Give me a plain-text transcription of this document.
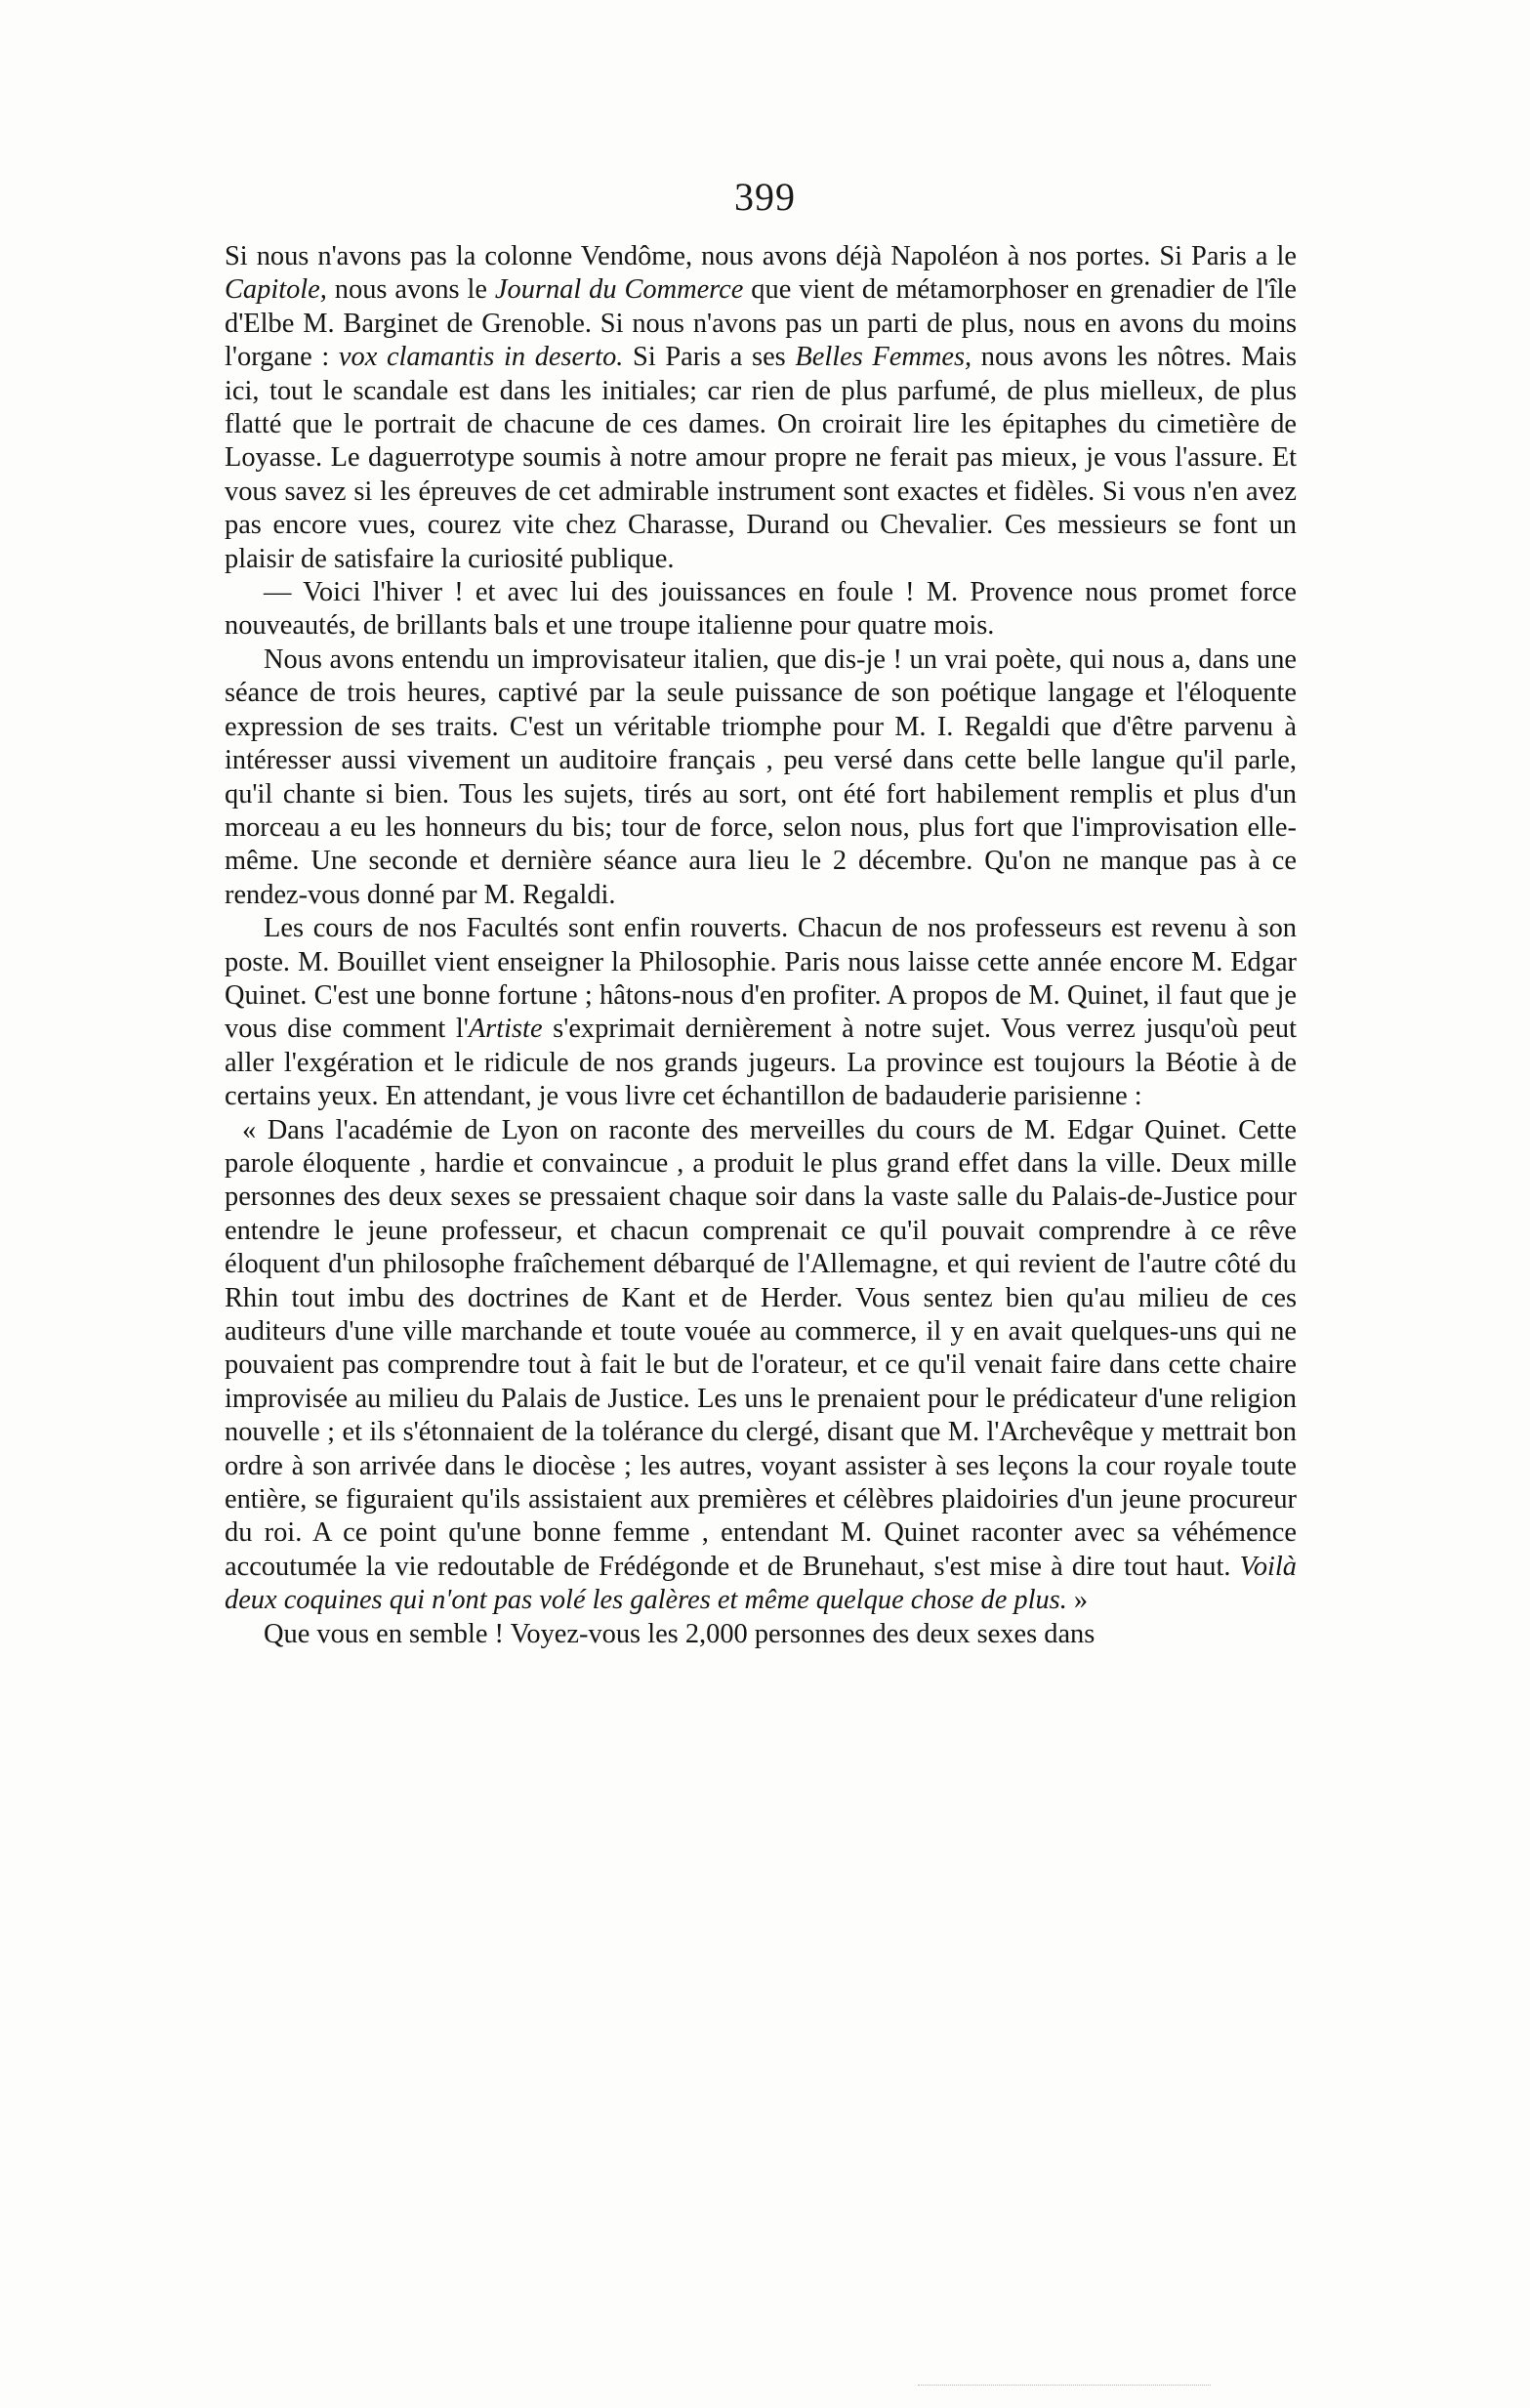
399

Si nous n'avons pas la colonne Vendôme, nous avons déjà Napoléon à nos portes. Si Paris a le Capitole, nous avons le Journal du Commerce que vient de métamorphoser en grenadier de l'île d'Elbe M. Barginet de Grenoble. Si nous n'avons pas un parti de plus, nous en avons du moins l'organe : vox clamantis in deserto. Si Paris a ses Belles Femmes, nous avons les nôtres. Mais ici, tout le scandale est dans les initiales; car rien de plus parfumé, de plus mielleux, de plus flatté que le portrait de chacune de ces dames. On croirait lire les épitaphes du cimetière de Loyasse. Le daguerrotype soumis à notre amour propre ne ferait pas mieux, je vous l'assure. Et vous savez si les épreuves de cet admirable instrument sont exactes et fidèles. Si vous n'en avez pas encore vues, courez vite chez Charasse, Durand ou Chevalier. Ces messieurs se font un plaisir de satisfaire la curiosité publique.

— Voici l'hiver ! et avec lui des jouissances en foule ! M. Provence nous promet force nouveautés, de brillants bals et une troupe italienne pour quatre mois.

Nous avons entendu un improvisateur italien, que dis-je ! un vrai poète, qui nous a, dans une séance de trois heures, captivé par la seule puissance de son poétique langage et l'éloquente expression de ses traits. C'est un véritable triomphe pour M. I. Regaldi que d'être parvenu à intéresser aussi vivement un auditoire français , peu versé dans cette belle langue qu'il parle, qu'il chante si bien. Tous les sujets, tirés au sort, ont été fort habilement remplis et plus d'un morceau a eu les honneurs du bis; tour de force, selon nous, plus fort que l'improvisation elle-même. Une seconde et dernière séance aura lieu le 2 décembre. Qu'on ne manque pas à ce rendez-vous donné par M. Regaldi.

Les cours de nos Facultés sont enfin rouverts. Chacun de nos professeurs est revenu à son poste. M. Bouillet vient enseigner la Philosophie. Paris nous laisse cette année encore M. Edgar Quinet. C'est une bonne fortune ; hâtons-nous d'en profiter. A propos de M. Quinet, il faut que je vous dise comment l'Artiste s'exprimait dernièrement à notre sujet. Vous verrez jusqu'où peut aller l'exgération et le ridicule de nos grands jugeurs. La province est toujours la Béotie à de certains yeux. En attendant, je vous livre cet échantillon de badauderie parisienne :

« Dans l'académie de Lyon on raconte des merveilles du cours de M. Edgar Quinet. Cette parole éloquente , hardie et convaincue , a produit le plus grand effet dans la ville. Deux mille personnes des deux sexes se pressaient chaque soir dans la vaste salle du Palais-de-Justice pour entendre le jeune professeur, et chacun comprenait ce qu'il pouvait comprendre à ce rêve éloquent d'un philosophe fraîchement débarqué de l'Allemagne, et qui revient de l'autre côté du Rhin tout imbu des doctrines de Kant et de Herder. Vous sentez bien qu'au milieu de ces auditeurs d'une ville marchande et toute vouée au commerce, il y en avait quelques-uns qui ne pouvaient pas comprendre tout à fait le but de l'orateur, et ce qu'il venait faire dans cette chaire improvisée au milieu du Palais de Justice. Les uns le prenaient pour le prédicateur d'une religion nouvelle ; et ils s'étonnaient de la tolérance du clergé, disant que M. l'Archevêque y mettrait bon ordre à son arrivée dans le diocèse ; les autres, voyant assister à ses leçons la cour royale toute entière, se figuraient qu'ils assistaient aux premières et célèbres plaidoiries d'un jeune procureur du roi. A ce point qu'une bonne femme , entendant M. Quinet raconter avec sa véhémence accoutumée la vie redoutable de Frédégonde et de Brunehaut, s'est mise à dire tout haut. Voilà deux coquines qui n'ont pas volé les galères et même quelque chose de plus. »

Que vous en semble ! Voyez-vous les 2,000 personnes des deux sexes dans
